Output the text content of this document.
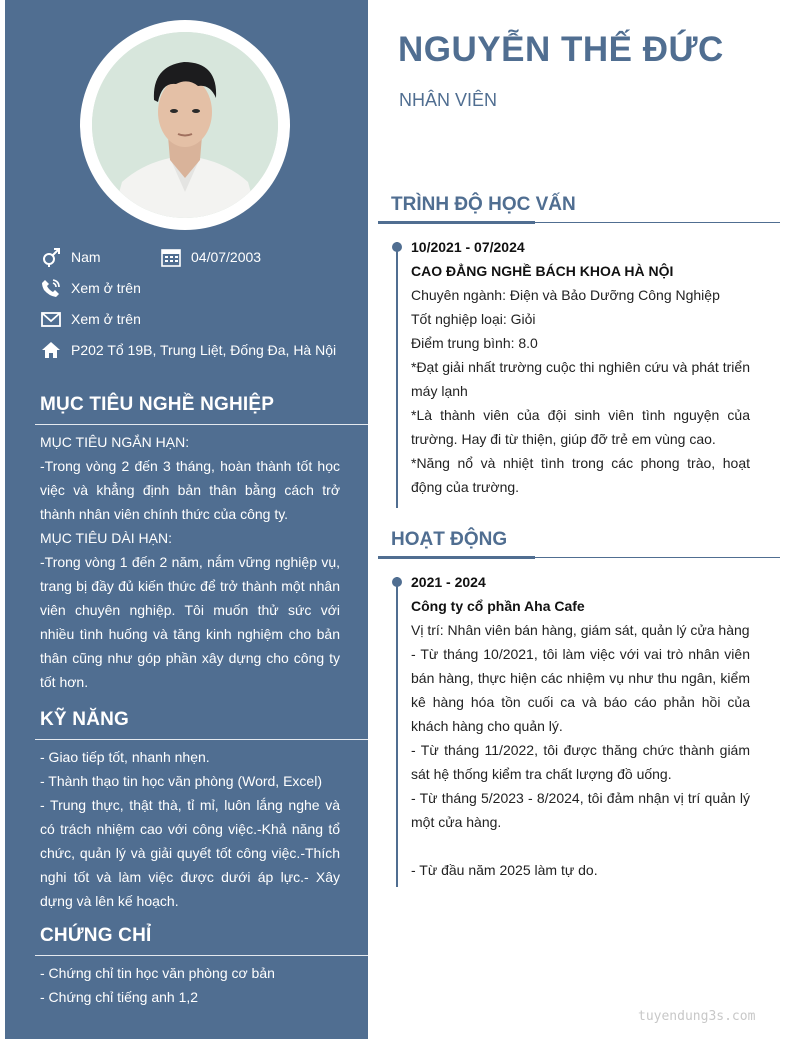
Nam	04/07/2003
Xem ở trên
Xem ở trên
P202 Tổ 19B, Trung Liệt, Đống Đa, Hà Nội
MỤC TIÊU NGHỀ NGHIỆP

MỤC TIÊU NGẮN HẠN:

-Trong vòng 2 đến 3 tháng, hoàn thành tốt học việc và khẳng định bản thân bằng cách trở thành nhân viên chính thức của công ty.

MỤC TIÊU DÀI HẠN:

-Trong vòng 1 đến 2 năm, nắm vững nghiệp vụ, trang bị đầy đủ kiến thức để trở thành một nhân viên chuyên nghiệp. Tôi muốn thử sức với nhiều tình huống và tăng kinh nghiệm cho bản thân cũng như góp phần xây dựng cho công ty tốt hơn.

KỸ NĂNG

- Giao tiếp tốt, nhanh nhẹn.

- Thành thạo tin học văn phòng (Word, Excel)

- Trung thực, thật thà, tỉ mỉ, luôn lắng nghe và có trách nhiệm cao với công việc.-Khả năng tổ chức, quản lý và giải quyết tốt công việc.-Thích nghi tốt và làm việc được dưới áp lực.- Xây dựng và lên kế hoạch.

CHỨNG CHỈ

- Chứng chỉ tin học văn phòng cơ bản

- Chứng chỉ tiếng anh 1,2

NGUYỄN THẾ ĐỨC
NHÂN VIÊN
TRÌNH ĐỘ HỌC VẤN

10/2021 - 07/2024

CAO ĐẲNG NGHỀ BÁCH KHOA HÀ NỘI

Chuyên ngành: Điện và Bảo Dưỡng Công Nghiệp

Tốt nghiệp loại: Giỏi

Điểm trung bình: 8.0

*Đạt giải nhất trường cuộc thi nghiên cứu và phát triển máy lạnh

*Là thành viên của đội sinh viên tình nguyện của trường. Hay đi từ thiện, giúp đỡ trẻ em vùng cao.

*Năng nổ và nhiệt tình trong các phong trào, hoạt động của trường.

HOẠT ĐỘNG

2021 - 2024

Công ty cổ phần Aha Cafe

Vị trí: Nhân viên bán hàng, giám sát, quản lý cửa hàng

- Từ tháng 10/2021, tôi làm việc với vai trò nhân viên bán hàng, thực hiện các nhiệm vụ như thu ngân, kiểm kê hàng hóa tồn cuối ca và báo cáo phản hồi của khách hàng cho quản lý.

- Từ tháng 11/2022, tôi được thăng chức thành giám sát hệ thống kiểm tra chất lượng đồ uống.

- Từ tháng 5/2023 - 8/2024, tôi đảm nhận vị trí quản lý một cửa hàng.

- Từ đầu năm 2025 làm tự do.

tuyendung3s.com
